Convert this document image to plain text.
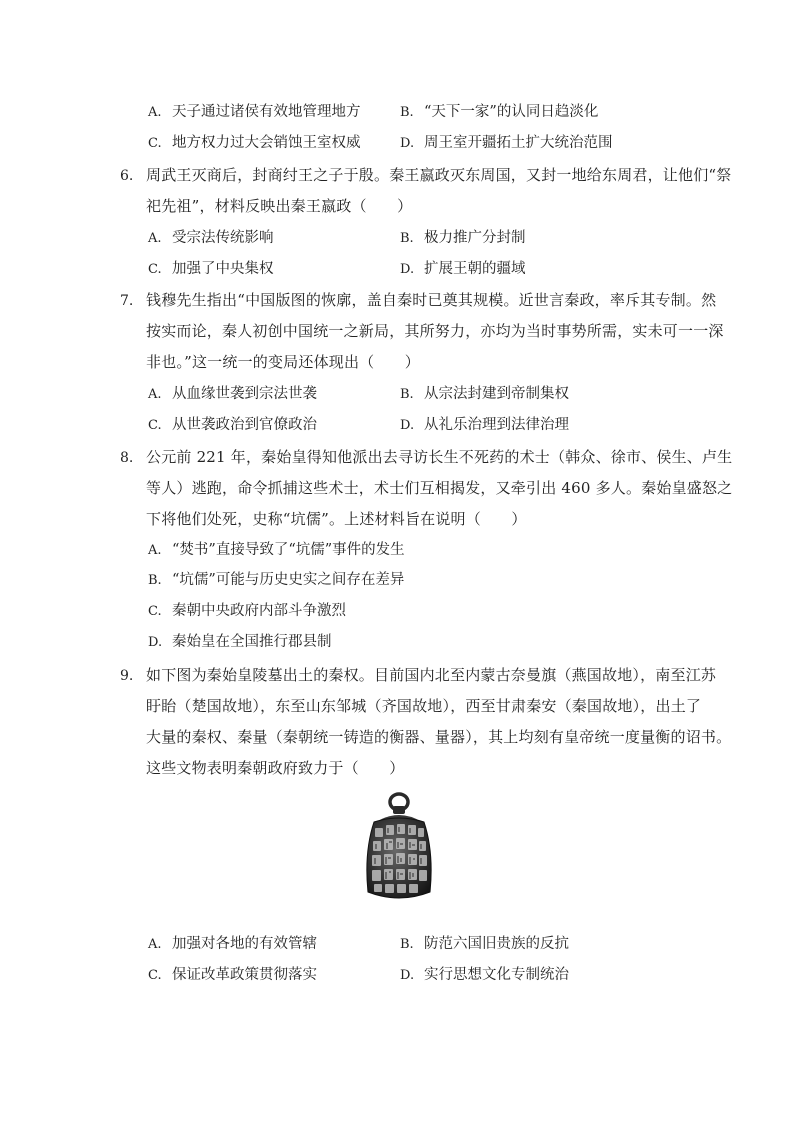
A. 天子通过诸侯有效地管理地方	B. “天下一家”的认同日趋淡化
C. 地方权力过大会销蚀王室权威	D. 周王室开疆拓土扩大统治范围
6. 周武王灭商后，封商纣王之子于殷。秦王嬴政灭东周国，又封一地给东周君，让他们“祭
祀先祖”，材料反映出秦王嬴政（　　）
A. 受宗法传统影响	B. 极力推广分封制
C. 加强了中央集权	D. 扩展王朝的疆域
7. 钱穆先生指出“中国版图的恢廓，盖自秦时已奠其规模。近世言秦政，率斥其专制。然
按实而论，秦人初创中国统一之新局，其所努力，亦均为当时事势所需，实未可一一深
非也。”这一统一的变局还体现出（　　）
A. 从血缘世袭到宗法世袭	B. 从宗法封建到帝制集权
C. 从世袭政治到官僚政治	D. 从礼乐治理到法律治理
8. 公元前 221 年，秦始皇得知他派出去寻访长生不死药的术士（韩众、徐市、侯生、卢生
等人）逃跑，命令抓捕这些术士，术士们互相揭发，又牵引出 460 多人。秦始皇盛怒之
下将他们处死，史称“坑儒”。上述材料旨在说明（　　）
A. “焚书”直接导致了“坑儒”事件的发生
B. “坑儒”可能与历史史实之间存在差异
C. 秦朝中央政府内部斗争激烈
D. 秦始皇在全国推行郡县制
9. 如下图为秦始皇陵墓出土的秦权。目前国内北至内蒙古奈曼旗（燕国故地），南至江苏
盱眙（楚国故地），东至山东邹城（齐国故地），西至甘肃秦安（秦国故地），出土了
大量的秦权、秦量（秦朝统一铸造的衡器、量器），其上均刻有皇帝统一度量衡的诏书。
这些文物表明秦朝政府致力于（　　）
A. 加强对各地的有效管辖	B. 防范六国旧贵族的反抗
C. 保证改革政策贯彻落实	D. 实行思想文化专制统治
